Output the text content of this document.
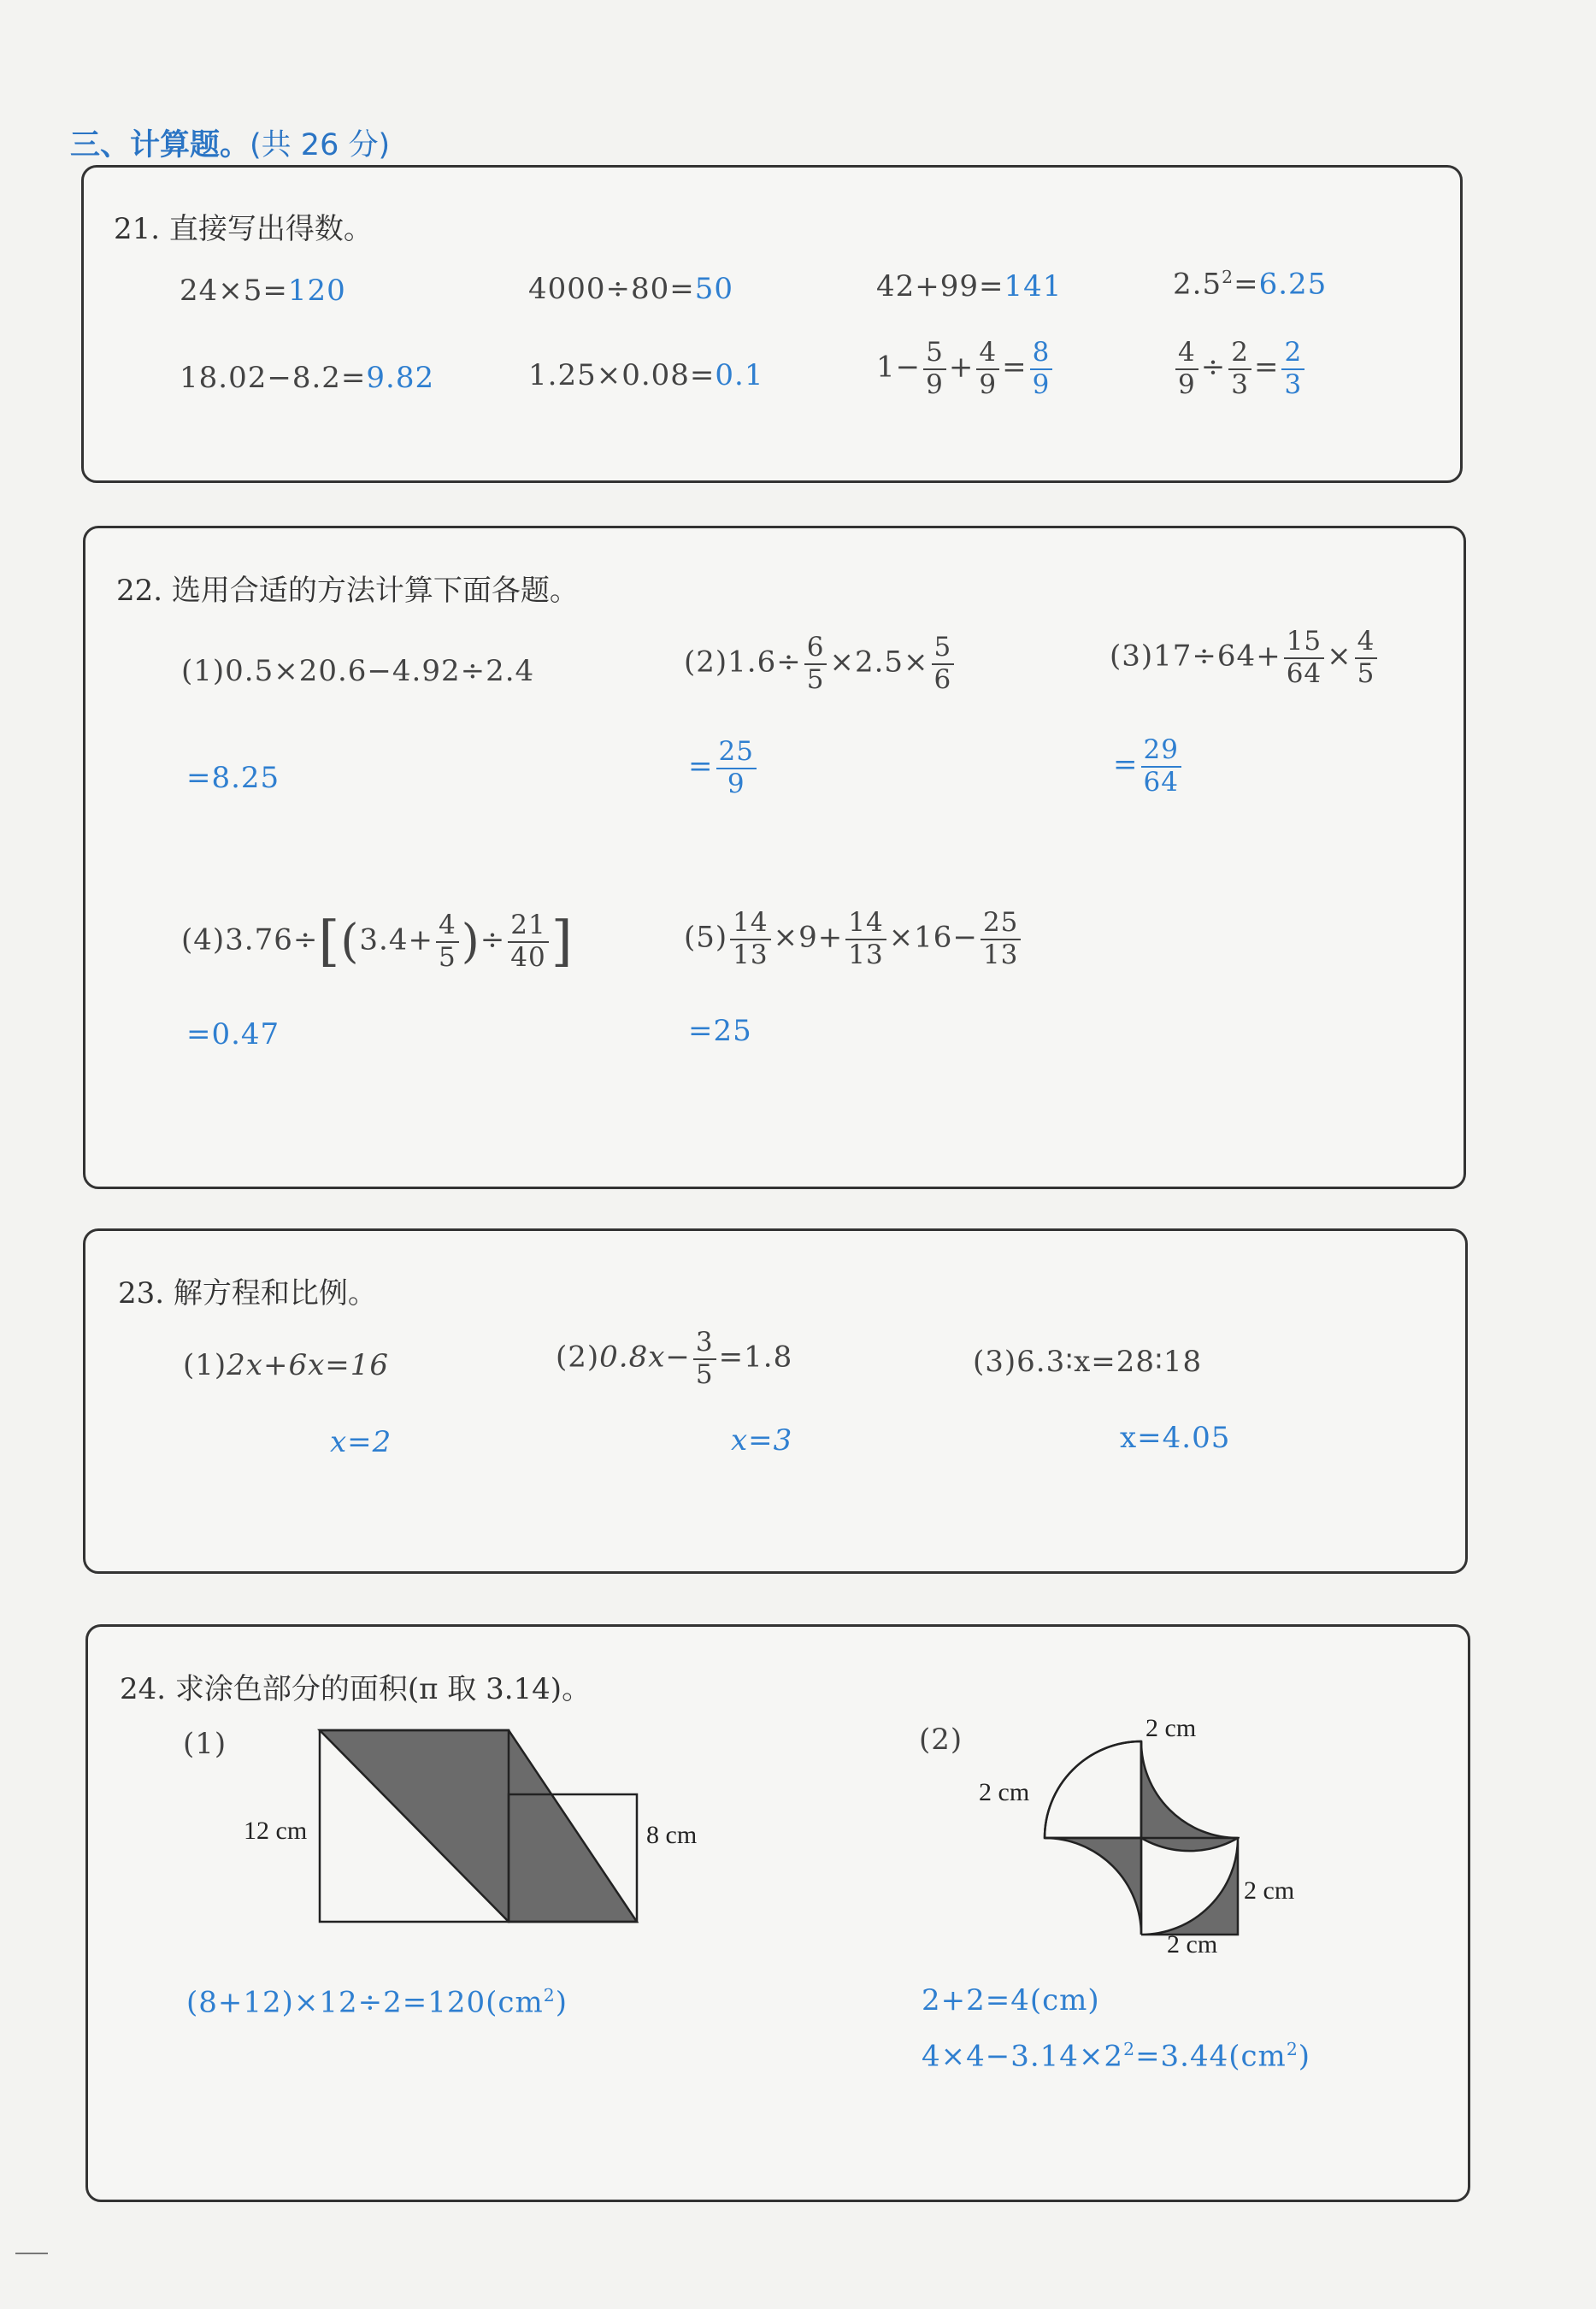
三、计算题。(共 26 分)
21. 直接写出得数。
24×5=120	4000÷80=50	42+99=141	$2.5^2=6.25$
18.02−8.2=9.82	1.25×0.08=0.1	$1- \frac{5}{9} + \frac{4}{9} = \frac{8}{9}$	$\frac{4}{9} \div \frac{2}{3} = \frac{2}{3}$
22. 选用合适的方法计算下面各题。
(1)0.5×20.6−4.92÷2.4
=8.25
$(2)1.6\div \frac{6}{5} \times 2.5\times \frac{5}{6}$
= $\frac{25}{9}$
$(3)17\div 64+ \frac{15}{64} \times \frac{4}{5}$
= $\frac{29}{64}$
$(4)3.76\div[(3.4+ \frac{4}{5}$ )÷ $\frac{21}{40}$ ]
=0.47
$(5) \frac{14}{13} \times 9+ \frac{14}{13} \times 16- \frac{25}{13}$
=25
23. 解方程和比例。
(1)2x+6x=16
x=2
$(2)0.8x- \frac{3}{5} =1.8$
x=3
(3)6.3∶x=28∶18
x=4.05
24. 求涂色部分的面积(π 取 3.14)。
(1)
12 cm	8 cm
$(8+12)\times 12\div 2=120(cm^2)$
(2)	2 cm
2 cm
2 cm
2 cm
2+2=4(cm)
$4\times 4-3.14\times 2^2=3.44(cm^2)$
